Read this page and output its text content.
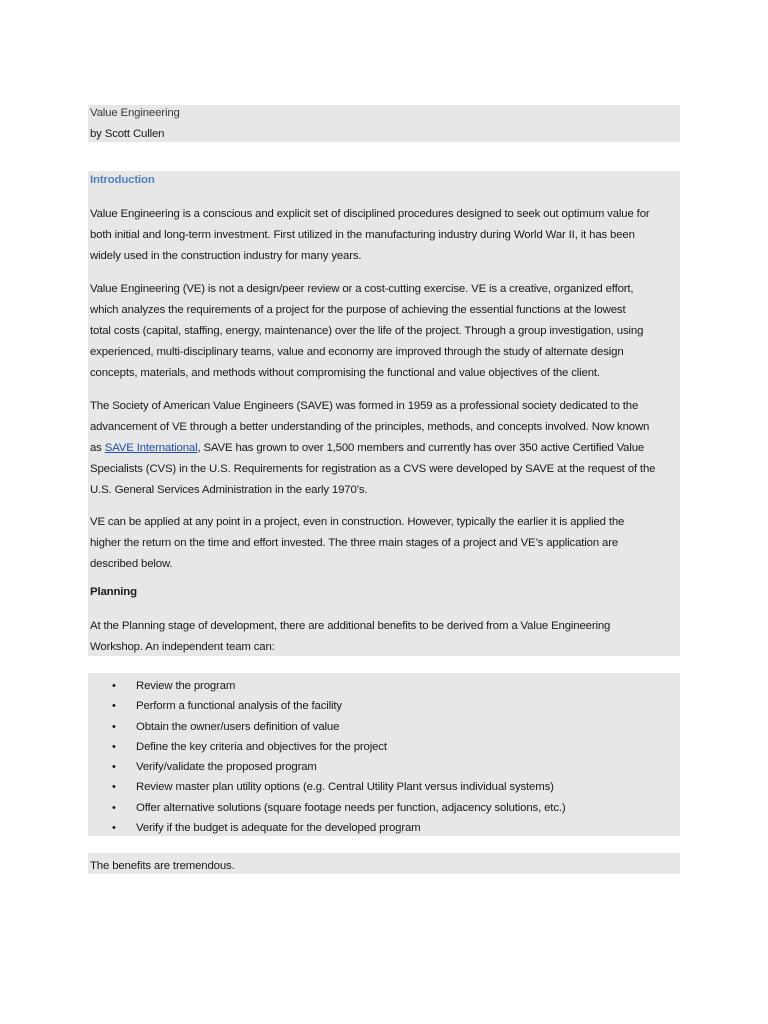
Value Engineering
by Scott Cullen
Introduction
Value Engineering is a conscious and explicit set of disciplined procedures designed to seek out optimum value for
both initial and long-term investment. First utilized in the manufacturing industry during World War II, it has been
widely used in the construction industry for many years.
Value Engineering (VE) is not a design/peer review or a cost-cutting exercise. VE is a creative, organized effort,
which analyzes the requirements of a project for the purpose of achieving the essential functions at the lowest
total costs (capital, staffing, energy, maintenance) over the life of the project. Through a group investigation, using
experienced, multi-disciplinary teams, value and economy are improved through the study of alternate design
concepts, materials, and methods without compromising the functional and value objectives of the client.
The Society of American Value Engineers (SAVE) was formed in 1959 as a professional society dedicated to the
advancement of VE through a better understanding of the principles, methods, and concepts involved. Now known
as SAVE International, SAVE has grown to over 1,500 members and currently has over 350 active Certified Value
Specialists (CVS) in the U.S. Requirements for registration as a CVS were developed by SAVE at the request of the
U.S. General Services Administration in the early 1970’s.
VE can be applied at any point in a project, even in construction. However, typically the earlier it is applied the
higher the return on the time and effort invested. The three main stages of a project and VE’s application are
described below.
Planning
At the Planning stage of development, there are additional benefits to be derived from a Value Engineering
Workshop. An independent team can:
• Review the program
• Perform a functional analysis of the facility
• Obtain the owner/users definition of value
• Define the key criteria and objectives for the project
• Verify/validate the proposed program
• Review master plan utility options (e.g. Central Utility Plant versus individual systems)
• Offer alternative solutions (square footage needs per function, adjacency solutions, etc.)
• Verify if the budget is adequate for the developed program
The benefits are tremendous.
